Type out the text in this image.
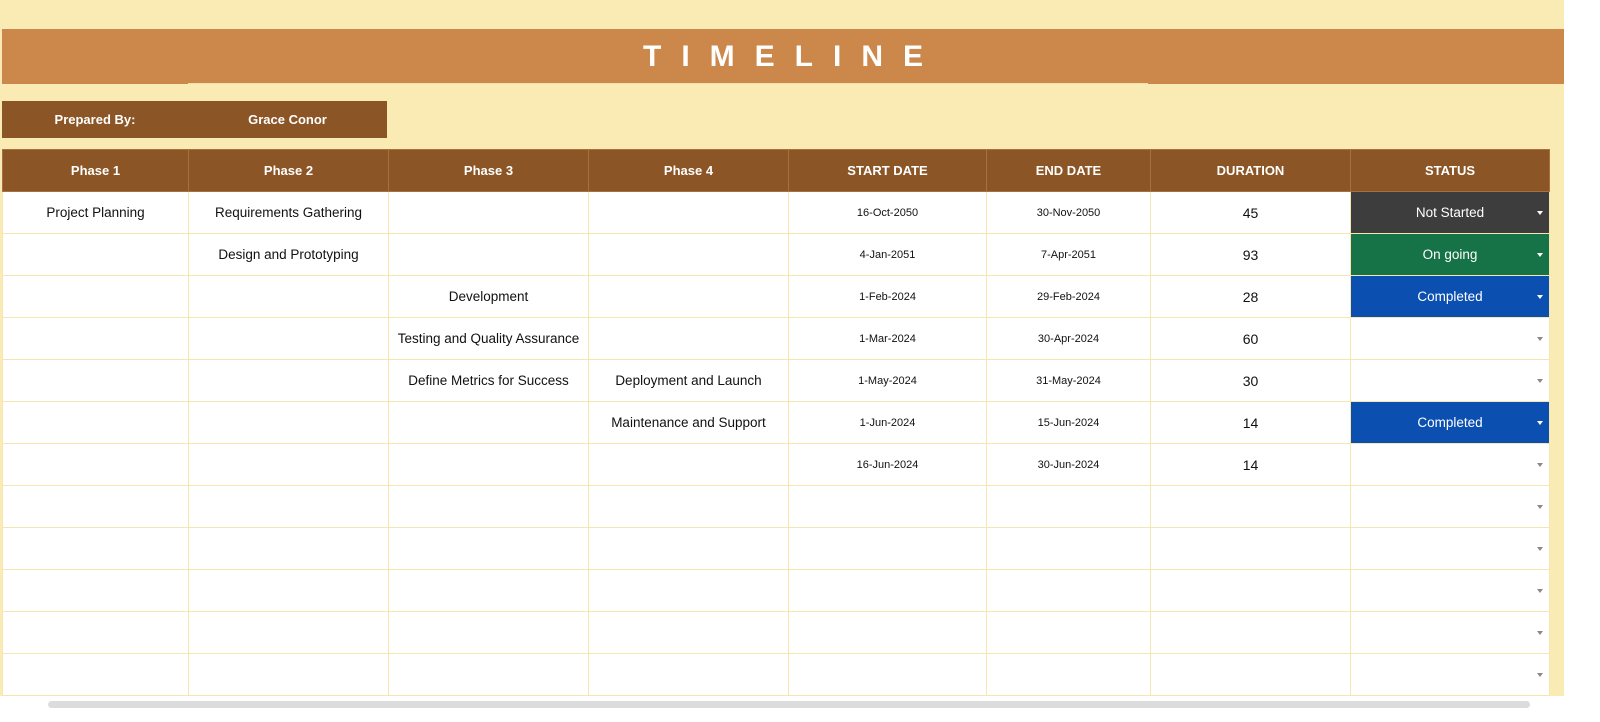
TIMELINE
Prepared By:	Grace Conor
Phase 1	Phase 2	Phase 3	Phase 4	START DATE	END DATE	DURATION	STATUS
Project Planning	Requirements Gathering			16-Oct-2050	30-Nov-2050	45	Not Started

	Design and Prototyping			4-Jan-2051	7-Apr-2051	93	On going

		Development		1-Feb-2024	29-Feb-2024	28	Completed

		Testing and Quality Assurance		1-Mar-2024	30-Apr-2024	60	

		Define Metrics for Success	Deployment and Launch	1-May-2024	31-May-2024	30	

			Maintenance and Support	1-Jun-2024	15-Jun-2024	14	Completed

				16-Jun-2024	30-Jun-2024	14	
